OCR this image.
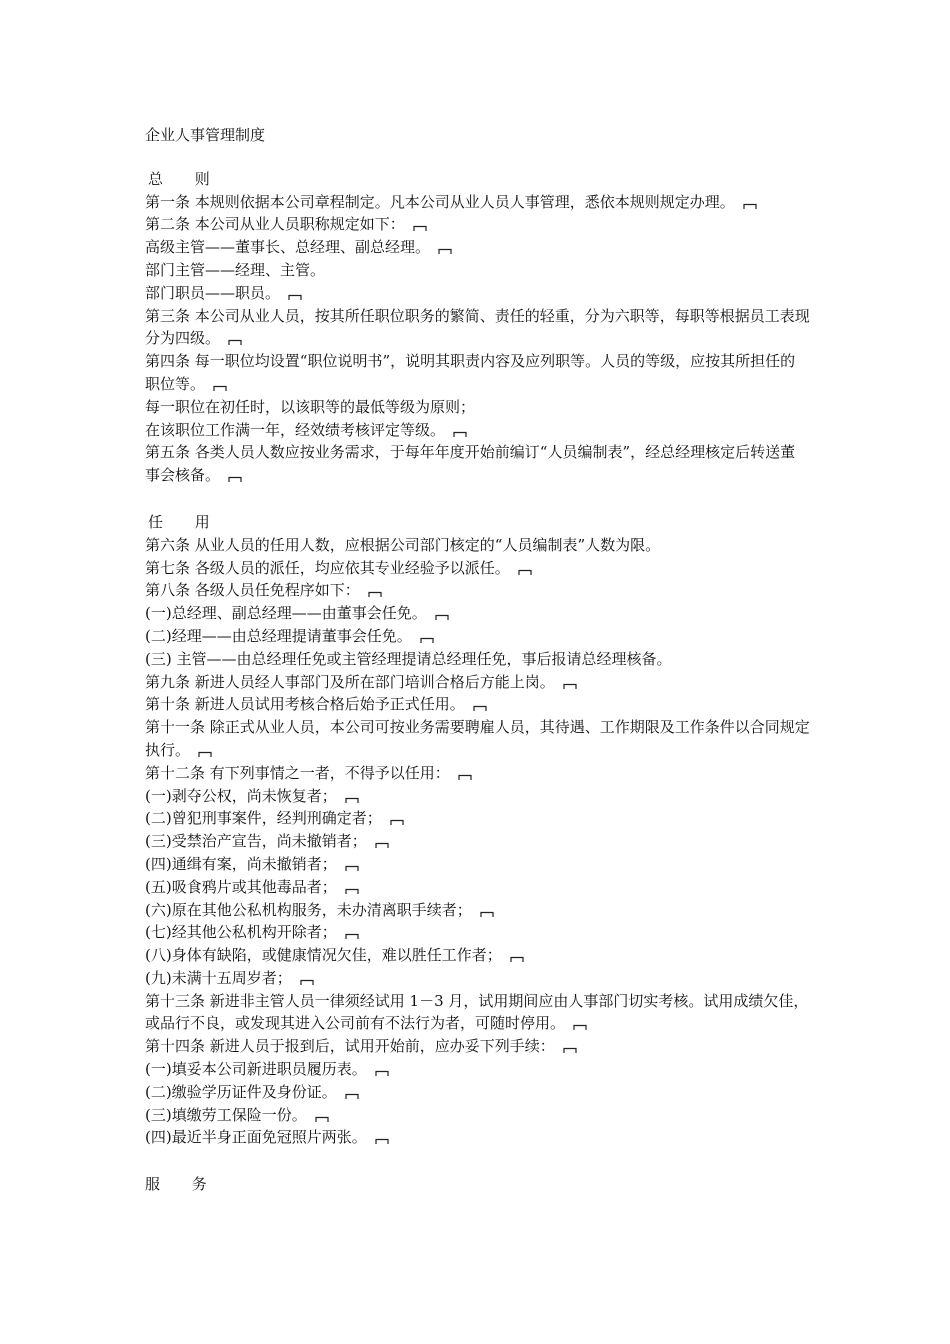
企业人事管理制度

总 则

第一条 本规则依据本公司章程制定。凡本公司从业人员人事管理，悉依本规则规定办理。

第二条 本公司从业人员职称规定如下：

高级主管——董事长、总经理、副总经理。

部门主管——经理、主管。

部门职员——职员。

第三条 本公司从业人员，按其所任职位职务的繁简、责任的轻重，分为六职等，每职等根据员工表现分为四级。

第四条 每一职位均设置“职位说明书”，说明其职责内容及应列职等。人员的等级，应按其所担任的职位等。

每一职位在初任时，以该职等的最低等级为原则；

在该职位工作满一年，经效绩考核评定等级。

第五条 各类人员人数应按业务需求，于每年年度开始前编订“人员编制表”，经总经理核定后转送董事会核备。

任 用

第六条 从业人员的任用人数，应根据公司部门核定的“人员编制表”人数为限。

第七条 各级人员的派任，均应依其专业经验予以派任。

第八条 各级人员任免程序如下：

(一)总经理、副总经理——由董事会任免。

(二)经理——由总经理提请董事会任免。

(三) 主管——由总经理任免或主管经理提请总经理任免，事后报请总经理核备。

第九条 新进人员经人事部门及所在部门培训合格后方能上岗。

第十条 新进人员试用考核合格后始予正式任用。

第十一条 除正式从业人员，本公司可按业务需要聘雇人员，其待遇、工作期限及工作条件以合同规定执行。

第十二条 有下列事情之一者，不得予以任用：

(一)剥夺公权，尚未恢复者；

(二)曾犯刑事案件，经判刑确定者；

(三)受禁治产宣告，尚未撤销者；

(四)通缉有案，尚未撤销者；

(五)吸食鸦片或其他毒品者；

(六)原在其他公私机构服务，未办清离职手续者；

(七)经其他公私机构开除者；

(八)身体有缺陷，或健康情况欠佳，难以胜任工作者；

(九)未满十五周岁者；

第十三条 新进非主管人员一律须经试用 1－3 月，试用期间应由人事部门切实考核。试用成绩欠佳，或品行不良，或发现其进入公司前有不法行为者，可随时停用。

第十四条 新进人员于报到后，试用开始前，应办妥下列手续：

(一)填妥本公司新进职员履历表。

(二)缴验学历证件及身份证。

(三)填缴劳工保险一份。

(四)最近半身正面免冠照片两张。

服 务
